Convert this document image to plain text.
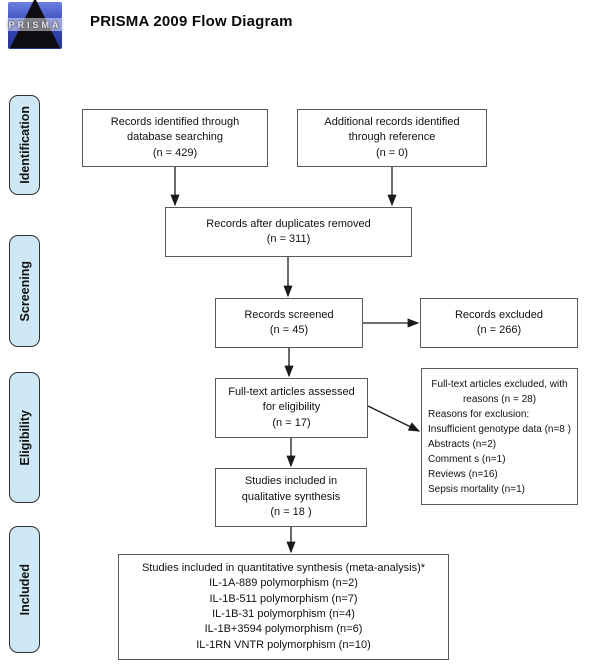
PRISMA PRISMA 2009 Flow Diagram
Identification
Screening
Eligibility
Included
Records identified through
database searching
(n = 429)
Additional records identified
through reference
(n = 0)
Records after duplicates removed
(n = 311)
Records screened
(n = 45)
Records excluded
(n = 266)
Full-text articles assessed
for eligibility
(n = 17)
Full-text articles excluded, with
reasons (n = 28)
Reasons for exclusion:
Insufficient genotype data (n=8 )
Abstracts (n=2)
Comment s (n=1)
Reviews (n=16)
Sepsis mortality (n=1)
Studies included in
qualitative synthesis
(n = 18 )
Studies included in quantitative synthesis (meta-analysis)*
IL-1A-889 polymorphism (n=2)
IL-1B-511 polymorphism (n=7)
IL-1B-31 polymorphism (n=4)
IL-1B+3594 polymorphism (n=6)
IL-1RN VNTR polymorphism (n=10)
